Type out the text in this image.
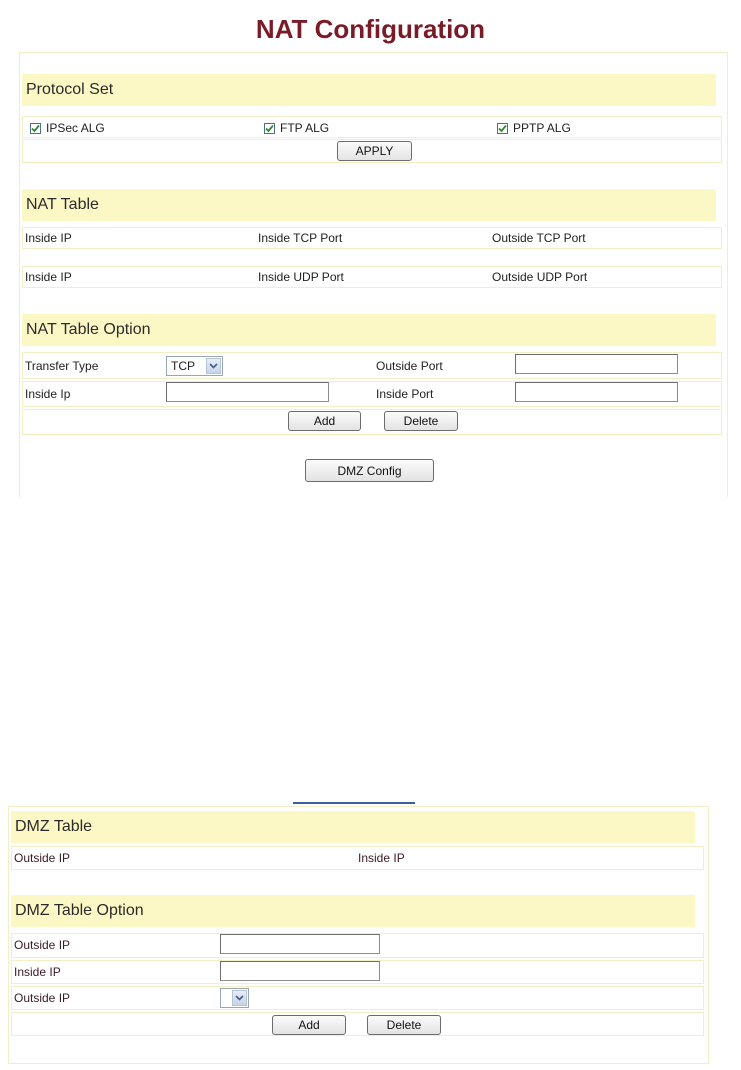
NAT Configuration
Protocol Set
IPSec ALG	FTP ALG	PPTP ALG
APPLY
NAT Table
Inside IP	Inside TCP Port	Outside TCP Port
Inside IP	Inside UDP Port	Outside UDP Port
NAT Table Option
Transfer Type	TCP	Outside Port
Inside Ip	Inside Port
Add	Delete
DMZ Config
DMZ Table
Outside IP	Inside IP
DMZ Table Option
Outside IP
Inside IP
Outside IP
Add	Delete
